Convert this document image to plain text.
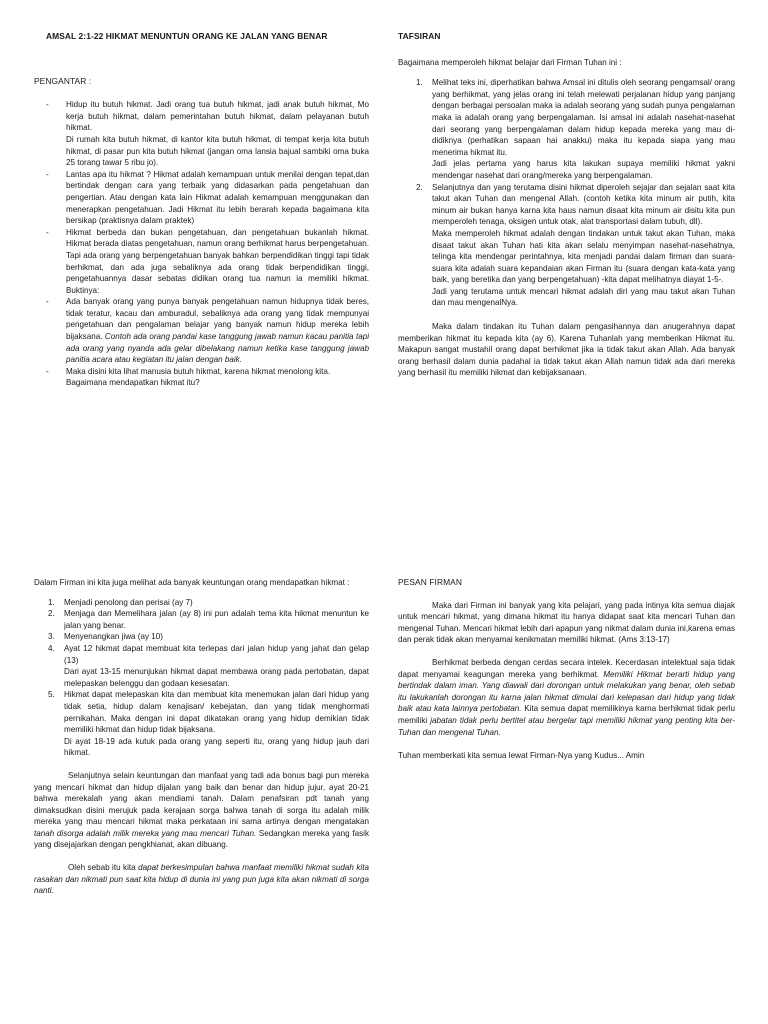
AMSAL 2:1-22 HIKMAT MENUNTUN ORANG KE JALAN YANG BENAR
PENGANTAR :

- Hidup itu butuh hikmat. Jadi orang tua butuh hikmat, jadi anak butuh hikmat, Mo kerja butuh hikmat, dalam pemerintahan butuh hikmat, dalam pelayanan butuh hikmat.

Di rumah kita butuh hikmat, di kantor kita butuh hikmat, di tempat kerja kita butuh hikmat, di pasar pun kita butuh hikmat (jangan oma lansia bajual sambiki oma buka 25 torang tawar 5 ribu jo).

- Lantas apa itu hikmat ? Hikmat adalah kemampuan untuk menilai dengan tepat,dan bertindak dengan cara yang terbaik yang didasarkan pada pengetahuan dan pengertian. Atau dengan kata lain Hikmat adalah kemampuan menggunakan dan menerapkan pengetahuan. Jadi Hikmat itu lebih berarah kepada bagaimana kita bersikap (praktisnya dalam praktek)

- Hikmat berbeda dan bukan pengetahuan, dan pengetahuan bukanlah hikmat. Hikmat berada diatas pengetahuan, namun orang berhikmat harus berpengetahuan. Tapi ada orang yang berpengetahuan banyak bahkan berpendidikan tinggi tapi tidak berhikmat, dan ada juga sebaliknya ada orang tidak berpendidikan tinggi, pengetahuannya dasar sebatas didikan orang tua namun ia memiliki hikmat. Buktinya:

- Ada banyak orang yang punya banyak pengetahuan namun hidupnya tidak beres, tidak teratur, kacau dan amburadul, sebaliknya ada orang yang tidak mempunyai pengetahuan dan pengalaman belajar yang banyak namun hidup mereka lebih bijaksana. Contoh ada orang pandai kase tanggung jawab namun kacau panitia tapi ada orang yang nyanda ada gelar dibelakang namun ketika kase tanggung jawab panitia acara atau kegiatan itu jalan dengan baik.

- Maka disini kita lihat manusia butuh hikmat, karena hikmat menolong kita.

Bagaimana mendapatkan hikmat itu?

TAFSIRAN

Bagaimana memperoleh hikmat belajar dari Firman Tuhan ini :

1. Melihat teks ini, diperhatikan bahwa Amsal ini ditulis oleh seorang pengamsal/ orang yang berhikmat, yang jelas orang ini telah melewati perjalanan hidup yang panjang dengan berbagai persoalan maka ia adalah seorang yang sudah punya pengalaman maka ia adalah orang yang berpengalaman. Isi amsal ini adalah nasehat-nasehat dari seorang yang berpengalaman dalam hidup kepada mereka yang mau di-didiknya (perhatikan sapaan hai anakku) maka itu kepada siapa yang mau menerima hikmat itu.

Jadi jelas pertama yang harus kita lakukan supaya memiliki hikmat yakni mendengar nasehat dari orang/mereka yang berpengalaman.

2. Selanjutnya dan yang terutama disini hikmat diperoleh sejajar dan sejalan saat kita takut akan Tuhan dan mengenal Allah. (contoh ketika kita minum air putih, kita minum air bukan hanya karna kita haus namun disaat kita minum air disitu kita pun memperoleh tenaga, oksigen untuk otak, alat transportasi dalam tubuh, dll).

Maka memperoleh hikmat adalah dengan tindakan untuk takut akan Tuhan, maka disaat takut akan Tuhan hati kita akan selalu menyimpan nasehat-nasehatnya, telinga kita mendengar perintahnya, kita menjadi pandai dalam firman dan suara-suara kita adalah suara kepandaian akan Firman itu (suara dengan kata-kata yang baik, yang beretika dan yang berpengetahuan) -kita dapat melihatnya diayat 1-5-.

Jadi yang terutama untuk mencari hikmat adalah diri yang mau takut akan Tuhan dan mau mengenalNya.

Maka dalam tindakan itu Tuhan dalam pengasihannya dan anugerahnya dapat memberikan hikmat itu kepada kita (ay 6). Karena Tuhanlah yang memberikan Hikmat itu. Makapun sangat mustahil orang dapat berhikmat jika ia tidak takut akan Allah. Ada banyak orang berhasil dalam dunia padahal ia tidak takut akan Allah namun tidak ada dari mereka yang berhasil itu memiliki hikmat dan kebijaksanaan.

Dalam Firman ini kita juga melihat ada banyak keuntungan orang mendapatkan hikmat :

1. Menjadi penolong dan perisai (ay 7)

2. Menjaga dan Memelihara jalan (ay 8) ini pun adalah tema kita hikmat menuntun ke jalan yang benar.

3. Menyenangkan jiwa (ay 10)

4. Ayat 12 hikmat dapat membuat kita terlepas dari jalan hidup yang jahat dan gelap (13)

Dari ayat 13-15 menunjukan hikmat dapat membawa orang pada pertobatan, dapat melepaskan belenggu dan godaan kesesatan.

5. Hikmat dapat melepaskan kita dan membuat kita menemukan jalan dari hidup yang tidak setia, hidup dalam kenajisan/ kebejatan, dan yang tidak menghormati pernikahan. Maka dengan ini dapat dikatakan orang yang hidup demikian tidak memiliki hikmat dan hidup tidak bijaksana.

Di ayat 18-19 ada kutuk pada orang yang seperti itu, orang yang hidup jauh dari hikmat.

Selanjutnya selain keuntungan dan manfaat yang tadi ada bonus bagi pun mereka yang mencari hikmat dan hidup dijalan yang baik dan benar dan hidup jujur, ayat 20-21 bahwa merekalah yang akan mendiami tanah. Dalam penafsiran pdt tanah yang dimaksudkan disini merujuk pada kerajaan sorga bahwa tanah di sorga itu adalah milik mereka yang mau mencari hikmat maka perkataan ini sama artinya dengan mengatakan tanah disorga adalah milik mereka yang mau mencari Tuhan. Sedangkan mereka yang fasik yang disejajarkan dengan pengkhianat, akan dibuang.

Oleh sebab itu kita dapat berkesimpulan bahwa manfaat memiliki hikmat sudah kita rasakan dan nikmati pun saat kita hidup di dunia ini yang pun juga kita akan nikmati di sorga nanti.

PESAN FIRMAN

Maka dari Firman ini banyak yang kita pelajari, yang pada intinya kita semua diajak untuk mencari hikmat, yang dimana hikmat itu hanya didapat saat kita mencari Tuhan dan mengenal Tuhan. Mencari hikmat lebih dari apapun yang nikmat dalam dunia ini,karena emas dan perak tidak akan menyamai kenikmatan memiliki hikmat. (Ams 3:13-17)

Berhikmat berbeda dengan cerdas secara intelek. Kecerdasan intelektual saja tidak dapat menyamai keagungan mereka yang berhikmat. Memiliki Hikmat berarti hidup yang bertindak dalam iman. Yang diawali dari dorongan untuk melakukan yang benar, oleh sebab itu lakukanlah dorongan itu karna jalan hikmat dimulai dari kelepasan dari hidup yang tidak baik atau kata lainnya pertobatan. Kita semua dapat memilikinya karna berhikmat tidak perlu memiliki jabatan tidak perlu bertitel atau bergelar tapi memiliki hikmat yang penting kita ber-Tuhan dan mengenal Tuhan.

Tuhan memberkati kita semua lewat Firman-Nya yang Kudus... Amin
